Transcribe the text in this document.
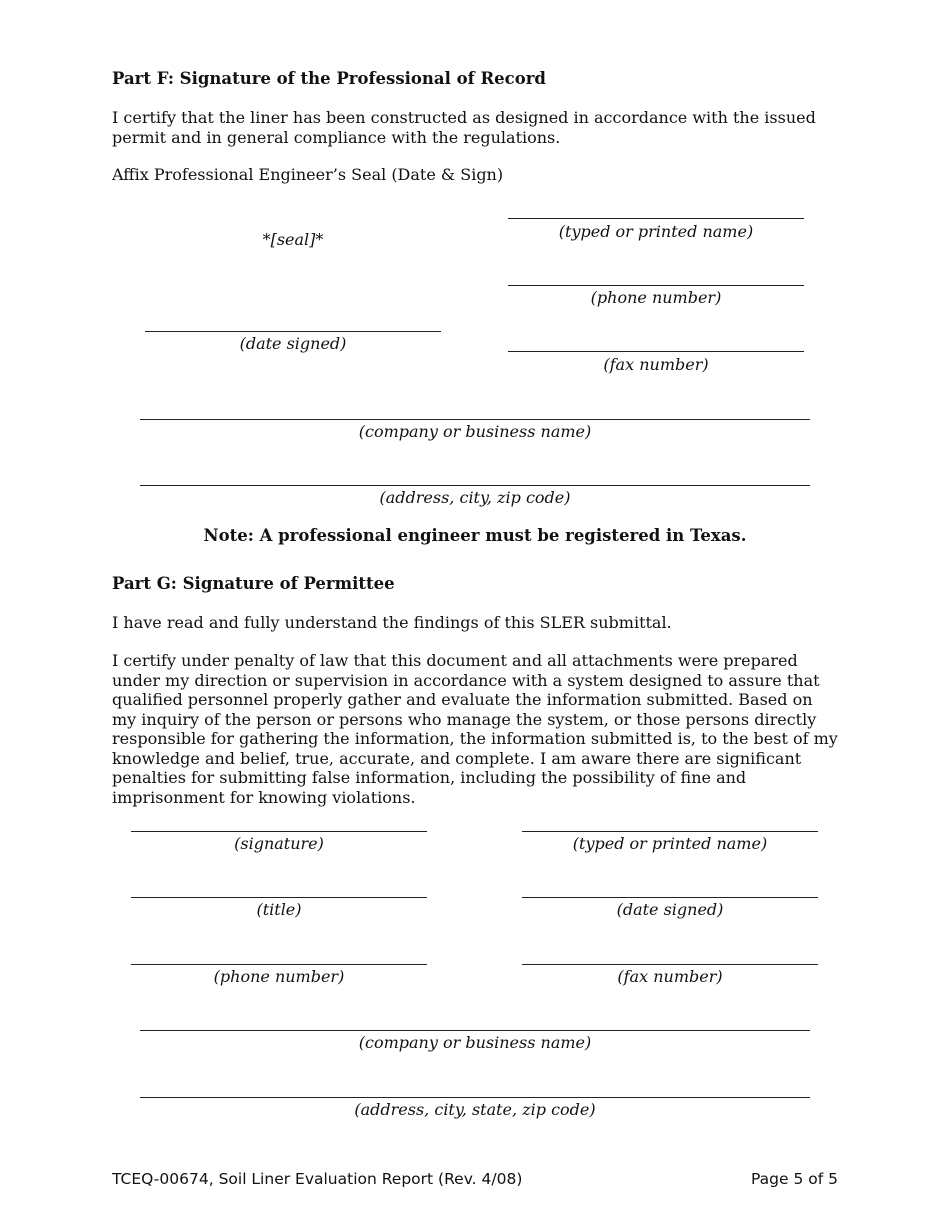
Part F: Signature of the Professional of Record
I certify that the liner has been constructed as designed in accordance with the issued permit and in general compliance with the regulations.
Affix Professional Engineer’s Seal (Date & Sign)
*[seal]*	(typed or printed name)
(phone number)
(date signed)
(fax number)
(company or business name)
(address, city, zip code)
Note: A professional engineer must be registered in Texas.
Part G: Signature of Permittee
I have read and fully understand the findings of this SLER submittal.
I certify under penalty of law that this document and all attachments were prepared under my direction or supervision in accordance with a system designed to assure that qualified personnel properly gather and evaluate the information submitted. Based on my inquiry of the person or persons who manage the system, or those persons directly responsible for gathering the information, the information submitted is, to the best of my knowledge and belief, true, accurate, and complete. I am aware there are significant penalties for submitting false information, including the possibility of fine and imprisonment for knowing violations.
(signature)	(typed or printed name)
(title)	(date signed)
(phone number)	(fax number)
(company or business name)
(address, city, state, zip code)
TCEQ-00674, Soil Liner Evaluation Report (Rev. 4/08)	Page 5 of 5
